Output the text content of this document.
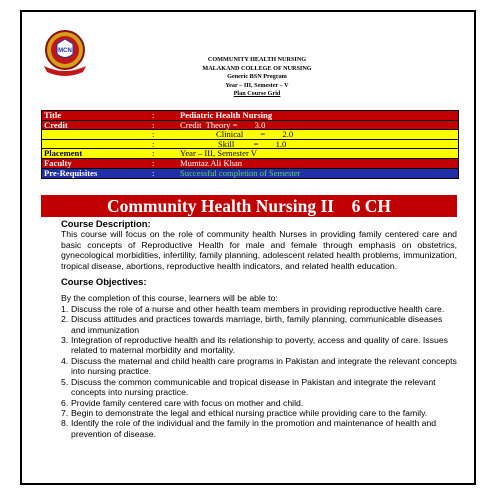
MCN
COMMUNITY HEALTH NURSING
MALAKAND COLLEGE OF NURSING
Generic BSN Program
Year – III, Semester – V
Plan Course Grid
Title	:	Pediatric Health Nursing
Credit	:	Credit  Theory =        3.0
:	Clinical        =        2.0
:	Skill         =        1.0
Placement	:	Year – III, Semester V
Faculty	:	Mumtaz Ali Khan
Pre-Requisites	:	Successful completion of Semester
Community Health Nursing II    6 CH

Course Description:

This course will focus on the role of community health Nurses in providing family centered care and basic concepts of Reproductive Health for male and female through emphasis on obstetrics, gynecological morbidities, infertility, family planning, adolescent related health problems, immunization, tropical disease, abortions, reproductive health indicators, and related health education.

Course Objectives:

By the completion of this course, learners will be able to:

1. Discuss the role of a nurse and other health team members in providing reproductive health care.
2. Discuss attitudes and practices towards marriage, birth, family planning, communicable diseases and immunization
3. Integration of reproductive health and its relationship to poverty, access and quality of care. Issues related to maternal morbidity and mortality.
4. Discuss the maternal and child health care programs in Pakistan and integrate the relevant concepts into nursing practice.
5. Discuss the common communicable and tropical disease in Pakistan and integrate the relevant concepts into nursing practice.
6. Provide family centered care with focus on mother and child.
7. Begin to demonstrate the legal and ethical nursing practice while providing care to the family.
8. Identify the role of the individual and the family in the promotion and maintenance of health and prevention of disease.
